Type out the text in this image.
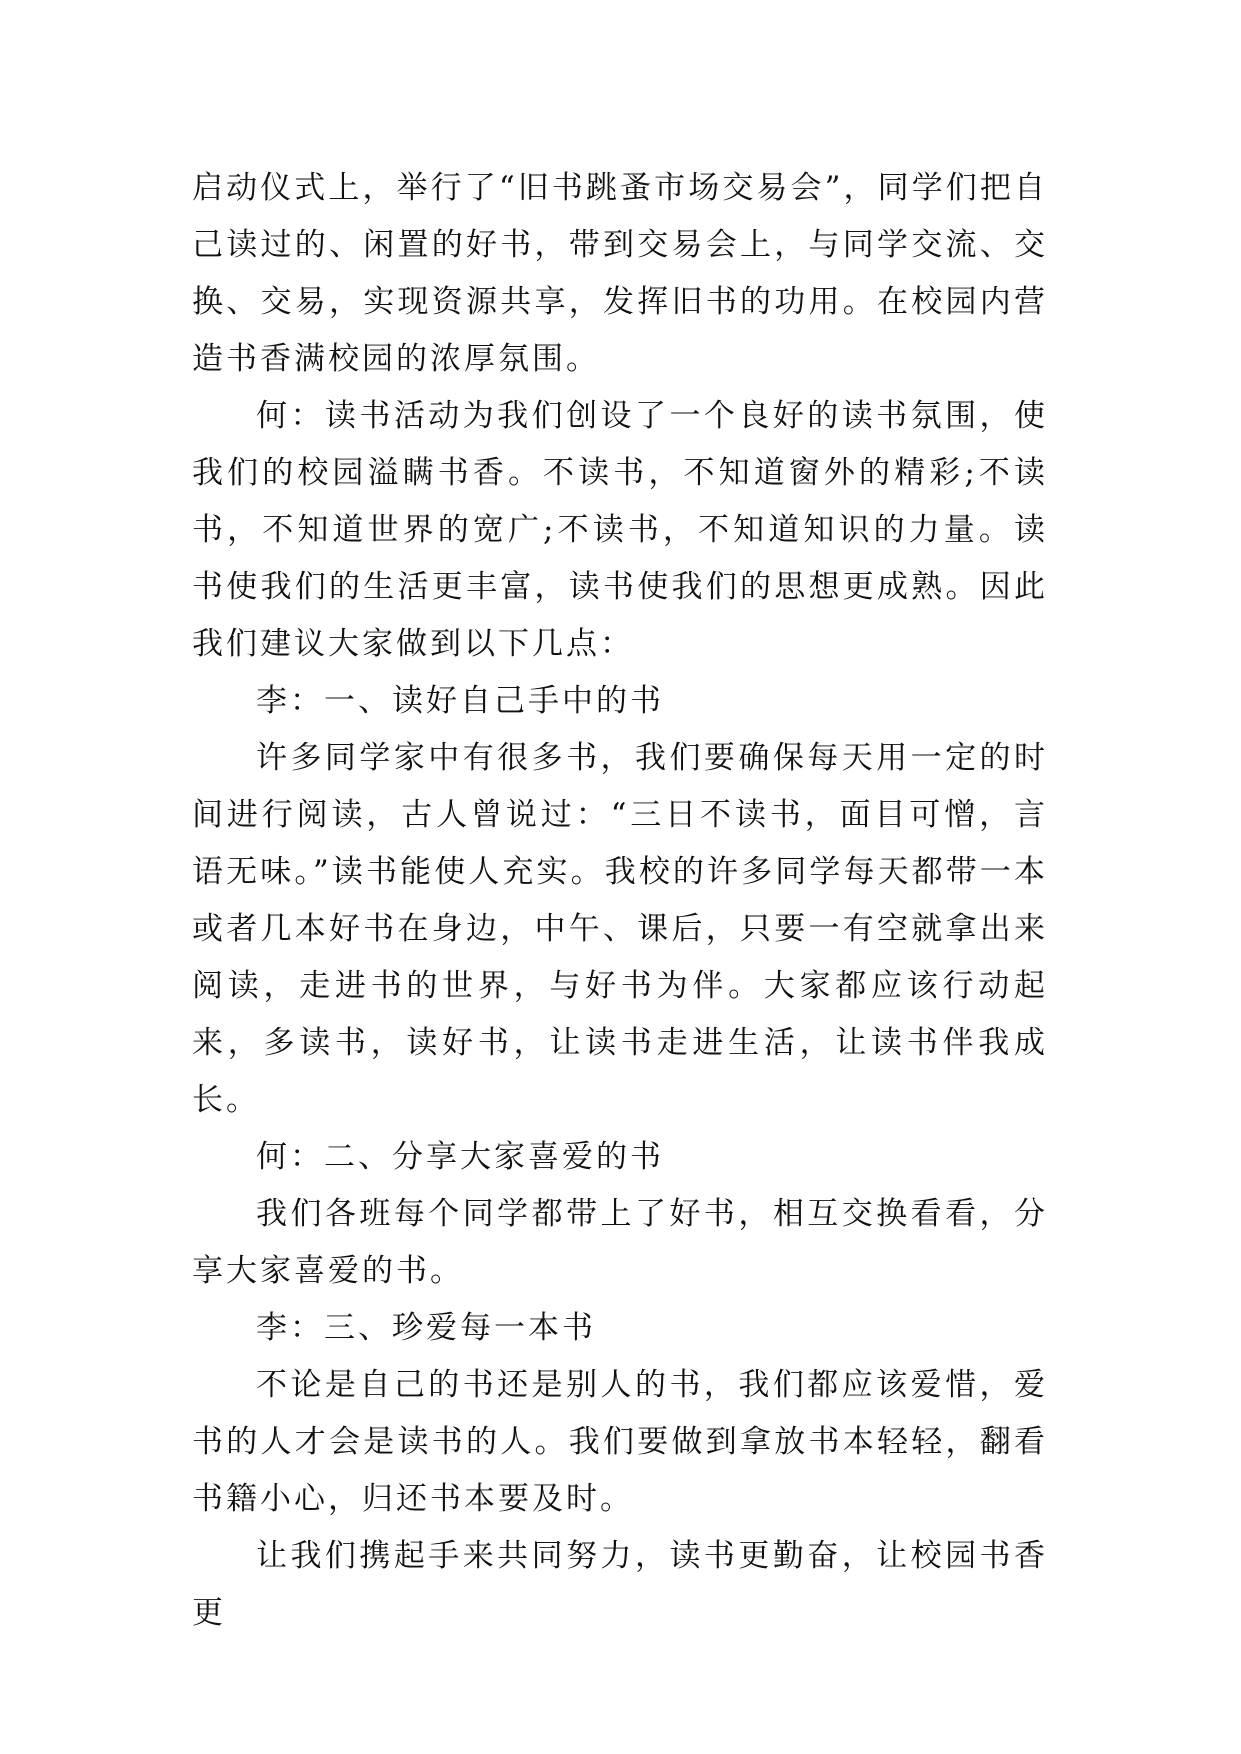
启动仪式上，举行了“旧书跳蚤市场交易会”，同学们把自己读过的、闲置的好书，带到交易会上，与同学交流、交换、交易，实现资源共享，发挥旧书的功用。在校园内营造书香满校园的浓厚氛围。

何：读书活动为我们创设了一个良好的读书氛围，使我们的校园溢瞒书香。不读书，不知道窗外的精彩;不读书，不知道世界的宽广;不读书，不知道知识的力量。读书使我们的生活更丰富，读书使我们的思想更成熟。因此我们建议大家做到以下几点：

李：一、读好自己手中的书

许多同学家中有很多书，我们要确保每天用一定的时间进行阅读，古人曾说过：“三日不读书，面目可憎，言语无味。”读书能使人充实。我校的许多同学每天都带一本或者几本好书在身边，中午、课后，只要一有空就拿出来阅读，走进书的世界，与好书为伴。大家都应该行动起来，多读书，读好书，让读书走进生活，让读书伴我成长。

何：二、分享大家喜爱的书

我们各班每个同学都带上了好书，相互交换看看，分享大家喜爱的书。

李：三、珍爱每一本书

不论是自己的书还是别人的书，我们都应该爱惜，爱书的人才会是读书的人。我们要做到拿放书本轻轻，翻看书籍小心，归还书本要及时。

让我们携起手来共同努力，读书更勤奋，让校园书香更
